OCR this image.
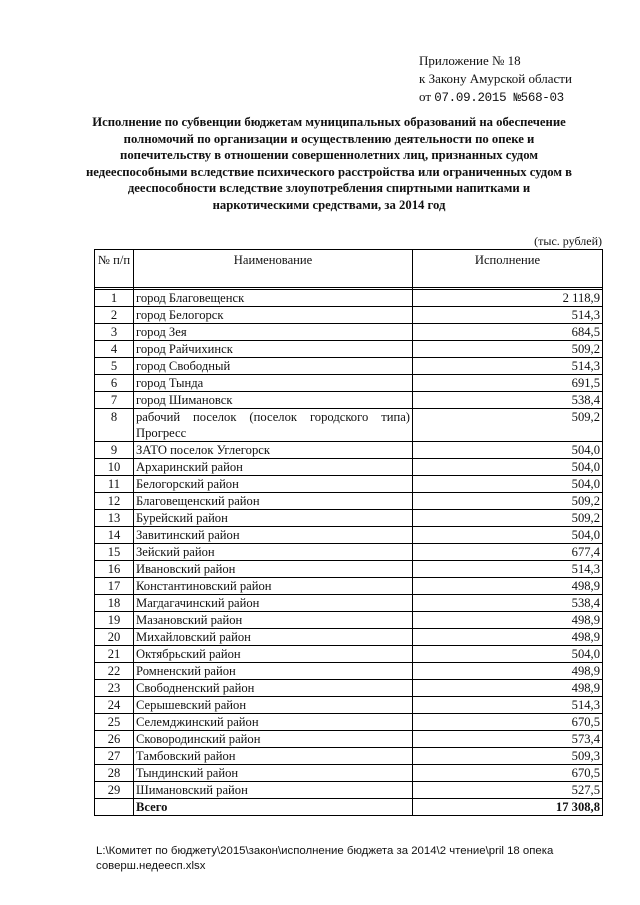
Приложение № 18
к Закону Амурской области
от 07.09.2015 №568-03
Исполнение по субвенции бюджетам муниципальных образований на обеспечение полномочий по организации и осуществлению деятельности по опеке и попечительству в отношении совершеннолетних лиц, признанных судом недееспособными вследствие психического расстройства или ограниченных судом в дееспособности вследствие злоупотребления спиртными напитками и наркотическими средствами, за 2014 год
(тыс. рублей)
№ п/п	Наименование	Исполнение

1	город Благовещенск	2 118,9
2	город Белогорск	514,3
3	город Зея	684,5
4	город Райчихинск	509,2
5	город Свободный	514,3
6	город Тында	691,5
7	город Шимановск	538,4
8	рабочий поселок (поселок городского типа) Прогресс	509,2
9	ЗАТО поселок Углегорск	504,0
10	Архаринский район	504,0
11	Белогорский район	504,0
12	Благовещенский район	509,2
13	Бурейский район	509,2
14	Завитинский район	504,0
15	Зейский район	677,4
16	Ивановский район	514,3
17	Константиновский район	498,9
18	Магдагачинский район	538,4
19	Мазановский район	498,9
20	Михайловский район	498,9
21	Октябрьский район	504,0
22	Ромненский район	498,9
23	Свободненский район	498,9
24	Серышевский район	514,3
25	Селемджинский район	670,5
26	Сковородинский район	573,4
27	Тамбовский район	509,3
28	Тындинский район	670,5
29	Шимановский район	527,5
	Всего	17 308,8
L:\Комитет по бюджету\2015\закон\исполнение бюджета за 2014\2 чтение\pril 18 опека соверш.недеесп.xlsx
